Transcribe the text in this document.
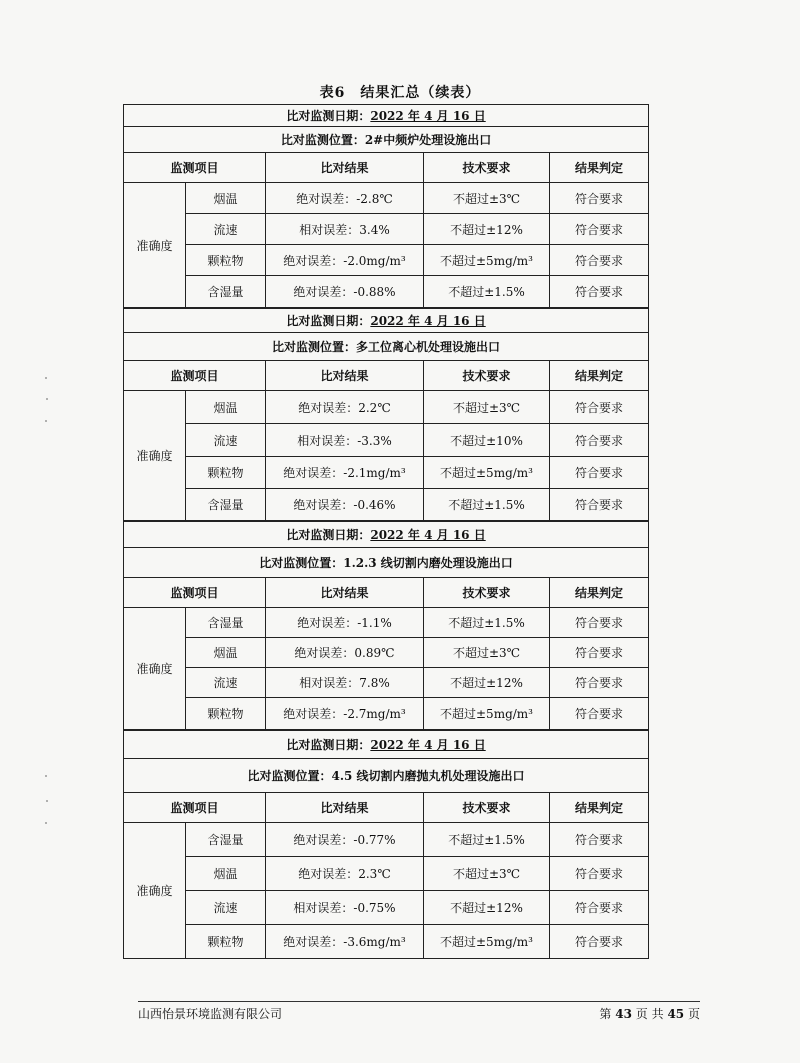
表6　结果汇总（续表）
比对监测日期：2022 年 4 月 16 日				
比对监测位置：2#中频炉处理设施出口				
监测项目		比对结果	技术要求	结果判定
准确度	烟温	绝对误差：-2.8℃	不超过±3℃	符合要求
	流速	相对误差：3.4%	不超过±12%	符合要求
	颗粒物	绝对误差：-2.0mg/m³	不超过±5mg/m³	符合要求
	含湿量	绝对误差：-0.88%	不超过±1.5%	符合要求
比对监测日期：2022 年 4 月 16 日				
比对监测位置：多工位离心机处理设施出口				
监测项目		比对结果	技术要求	结果判定
准确度	烟温	绝对误差：2.2℃	不超过±3℃	符合要求
	流速	相对误差：-3.3%	不超过±10%	符合要求
	颗粒物	绝对误差：-2.1mg/m³	不超过±5mg/m³	符合要求
	含湿量	绝对误差：-0.46%	不超过±1.5%	符合要求
比对监测日期：2022 年 4 月 16 日				
比对监测位置：1.2.3 线切割内磨处理设施出口				
监测项目		比对结果	技术要求	结果判定
准确度	含湿量	绝对误差：-1.1%	不超过±1.5%	符合要求
	烟温	绝对误差：0.89℃	不超过±3℃	符合要求
	流速	相对误差：7.8%	不超过±12%	符合要求
	颗粒物	绝对误差：-2.7mg/m³	不超过±5mg/m³	符合要求
比对监测日期：2022 年 4 月 16 日				
比对监测位置：4.5 线切割内磨抛丸机处理设施出口				
监测项目		比对结果	技术要求	结果判定
准确度	含湿量	绝对误差：-0.77%	不超过±1.5%	符合要求
	烟温	绝对误差：2.3℃	不超过±3℃	符合要求
	流速	相对误差：-0.75%	不超过±12%	符合要求
	颗粒物	绝对误差：-3.6mg/m³	不超过±5mg/m³	符合要求
山西怡景环境监测有限公司	第 43 页 共 45 页
